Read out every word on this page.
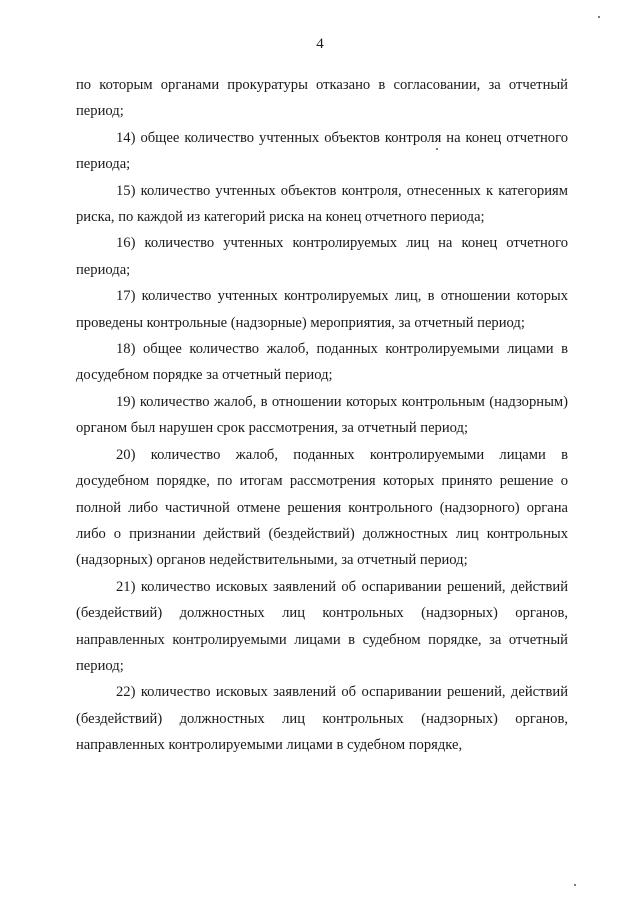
4

по которым органами прокуратуры отказано в согласовании, за отчетный период;

14) общее количество учтенных объектов контроля на конец отчетного периода;

15) количество учтенных объектов контроля, отнесенных к категориям риска, по каждой из категорий риска на конец отчетного периода;

16) количество учтенных контролируемых лиц на конец отчетного периода;

17) количество учтенных контролируемых лиц, в отношении которых проведены контрольные (надзорные) мероприятия, за отчетный период;

18) общее количество жалоб, поданных контролируемыми лицами в досудебном порядке за отчетный период;

19) количество жалоб, в отношении которых контрольным (надзорным) органом был нарушен срок рассмотрения, за отчетный период;

20) количество жалоб, поданных контролируемыми лицами в досудебном порядке, по итогам рассмотрения которых принято решение о полной либо частичной отмене решения контрольного (надзорного) органа либо о признании действий (бездействий) должностных лиц контрольных (надзорных) органов недействительными, за отчетный период;

21) количество исковых заявлений об оспаривании решений, действий (бездействий) должностных лиц контрольных (надзорных) органов, направленных контролируемыми лицами в судебном порядке, за отчетный период;

22) количество исковых заявлений об оспаривании решений, действий (бездействий) должностных лиц контрольных (надзорных) органов, направленных контролируемыми лицами в судебном порядке,
